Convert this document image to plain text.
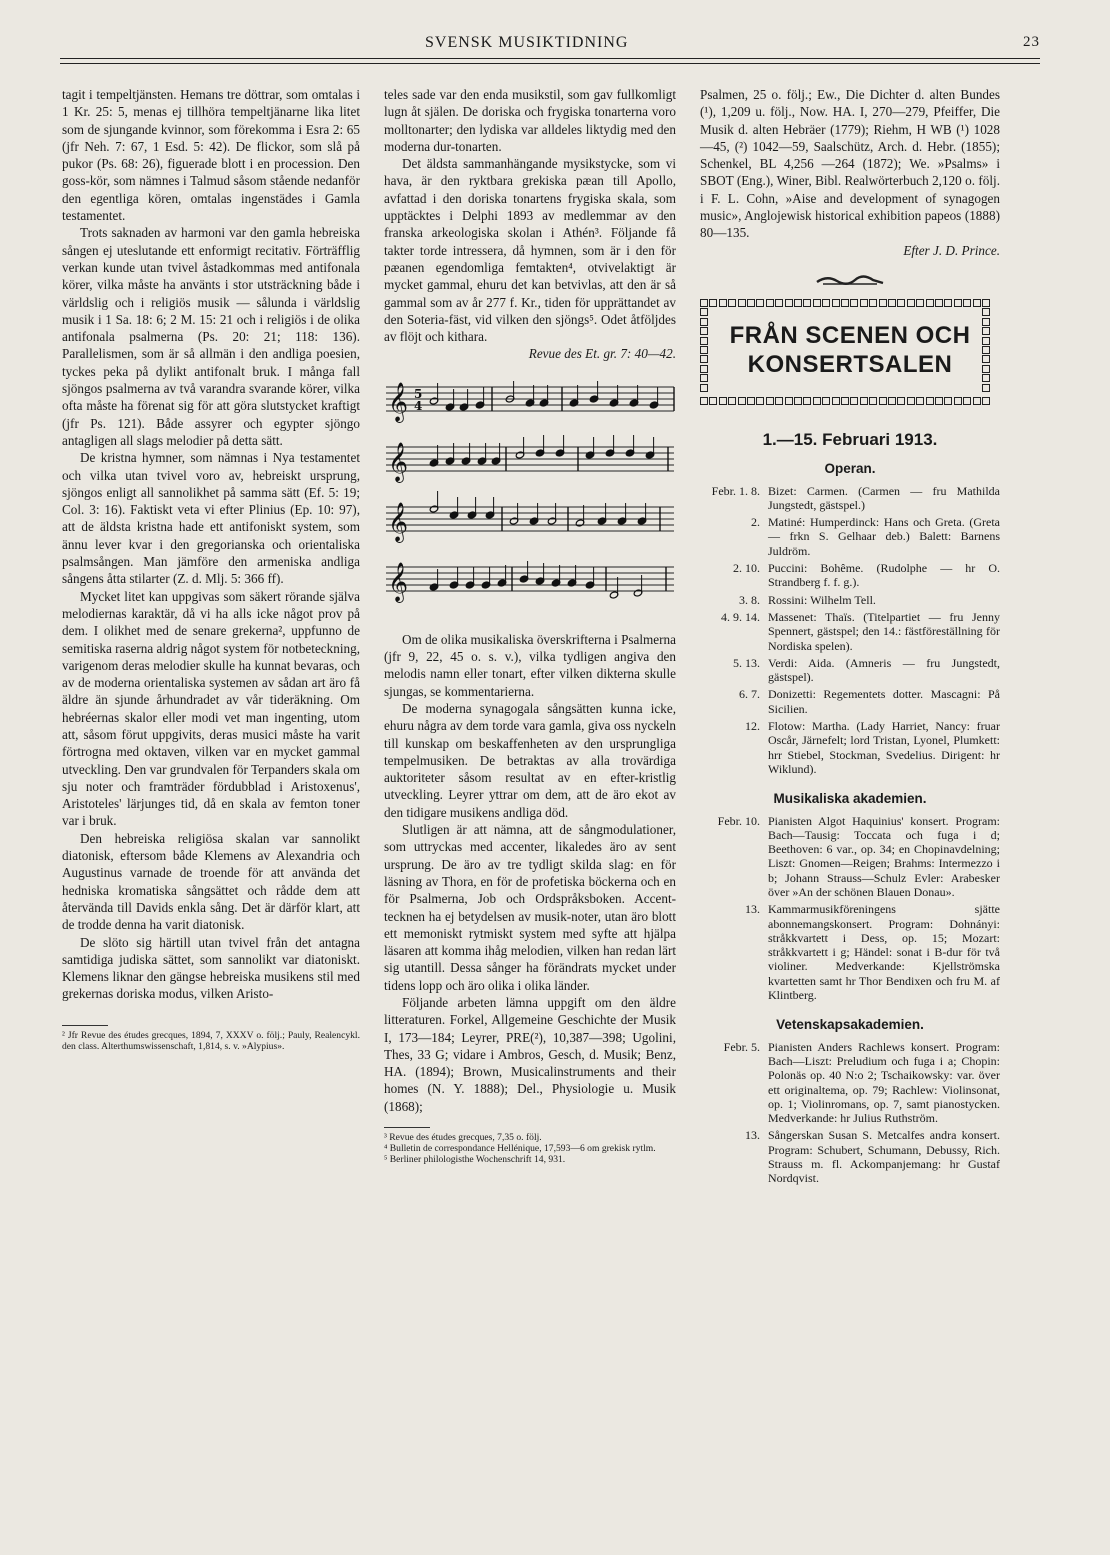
SVENSK MUSIKTIDNING	23

tagit i tempeltjänsten. Hemans tre döttrar, som omtalas i 1 Kr. 25: 5, menas ej tillhöra tempeltjänarne lika litet som de sjungande kvinnor, som förekomma i Esra 2: 65 (jfr Neh. 7: 67, 1 Esd. 5: 42). De flickor, som slå på pukor (Ps. 68: 26), figuerade blott i en procession. Den goss-kör, som nämnes i Talmud såsom stående nedanför den egentliga kören, omtalas ingenstädes i Gamla testamentet.

Trots saknaden av harmoni var den gamla hebreiska sången ej uteslutande ett enformigt recitativ. Förträfflig verkan kunde utan tvivel åstadkommas med antifonala körer, vilka måste ha använts i stor utsträckning både i världslig och i religiös musik — sålunda i världslig musik i 1 Sa. 18: 6; 2 M. 15: 21 och i religiös i de olika antifonala psalmerna (Ps. 20: 21; 118: 136). Parallelismen, som är så allmän i den andliga poesien, tyckes peka på dylikt antifonalt bruk. I många fall sjöngos psalmerna av två varandra svarande körer, vilka ofta måste ha förenat sig för att göra slutstycket kraftigt (jfr Ps. 121). Både assyrer och egypter sjöngo antagligen all slags melodier på detta sätt.

De kristna hymner, som nämnas i Nya testamentet och vilka utan tvivel voro av, hebreiskt ursprung, sjöngos enligt all sannolikhet på samma sätt (Ef. 5: 19; Col. 3: 16). Faktiskt veta vi efter Plinius (Ep. 10: 97), att de äldsta kristna hade ett antifoniskt system, som ännu lever kvar i den gregorianska och orientaliska psalmsången. Man jämföre den armeniska andliga sångens åtta stilarter (Z. d. Mlj. 5: 366 ff).

Mycket litet kan uppgivas som säkert rörande själva melodiernas karaktär, då vi ha alls icke något prov på dem. I olikhet med de senare grekerna², uppfunno de semitiska raserna aldrig något system för notbeteckning, varigenom deras melodier skulle ha kunnat bevaras, och av de moderna orientaliska systemen av sådan art äro få äldre än sjunde århundradet av vår tideräkning. Om hebréernas skalor eller modi vet man ingenting, utom att, såsom förut uppgivits, deras musici måste ha varit förtrogna med oktaven, vilken var en mycket gammal utveckling. Den var grundvalen för Terpanders skala om sju noter och framträder fördubblad i Aristoxenus', Aristoteles' lärjunges tid, då en skala av femton toner var i bruk.

Den hebreiska religiösa skalan var sannolikt diatonisk, eftersom både Klemens av Alexandria och Augustinus varnade de troende för att använda det hedniska kromatiska sångsättet och rådde dem att återvända till Davids enkla sång. Det är därför klart, att de trodde denna ha varit diatonisk.

De slöto sig härtill utan tvivel från det antagna samtidiga judiska sättet, som sannolikt var diatoniskt. Klemens liknar den gängse hebreiska musikens stil med grekernas doriska modus, vilken Aristo-

² Jfr Revue des études grecques, 1894, 7, XXXV o. följ.; Pauly, Realencykl. den class. Alterthumswissenschaft, 1,814, s. v. »Alypius».

teles sade var den enda musikstil, som gav fullkomligt lugn åt själen. De doriska och frygiska tonarterna voro molltonarter; den lydiska var alldeles liktydig med den moderna dur-tonarten.

Det äldsta sammanhängande mysikstycke, som vi hava, är den ryktbara grekiska pæan till Apollo, avfattad i den doriska tonartens frygiska skala, som upptäcktes i Delphi 1893 av medlemmar av den franska arkeologiska skolan i Athén³. Följande få takter torde intressera, då hymnen, som är i den för pæanen egendomliga femtakten⁴, otvivelaktigt är mycket gammal, ehuru det kan betvivlas, att den är så gammal som av år 277 f. Kr., tiden för upprättandet av den Soteria-fäst, vid vilken den sjöngs⁵. Odet åtföljdes av flöjt och kithara.

Revue des Et. gr. 7: 40—42.

𝄞 5
4
𝄞
𝄞
𝄞

Om de olika musikaliska överskrifterna i Psalmerna (jfr 9, 22, 45 o. s. v.), vilka tydligen angiva den melodis namn eller tonart, efter vilken dikterna skulle sjungas, se kommentarierna.

De moderna synagogala sångsätten kunna icke, ehuru några av dem torde vara gamla, giva oss nyckeln till kunskap om beskaffenheten av den ursprungliga tempelmusiken. De betraktas av alla trovärdiga auktoriteter såsom resultat av en efter-kristlig utveckling. Leyrer yttrar om dem, att de äro ekot av den tidigare musikens andliga död.

Slutligen är att nämna, att de sångmodulationer, som uttryckas med accenter, likaledes äro av sent ursprung. De äro av tre tydligt skilda slag: en för läsning av Thora, en för de profetiska böckerna och en för Psalmerna, Job och Ordspråksboken. Accent-tecknen ha ej betydelsen av musik-noter, utan äro blott ett memoniskt rytmiskt system med syfte att hjälpa läsaren att komma ihåg melodien, vilken han redan lärt sig utantill. Dessa sånger ha förändrats mycket under tidens lopp och äro olika i olika länder.

Följande arbeten lämna uppgift om den äldre litteraturen. Forkel, Allgemeine Geschichte der Musik I, 173—184; Leyrer, PRE(²), 10,387—398; Ugolini, Thes, 33 G; vidare i Ambros, Gesch, d. Musik; Benz, HA. (1894); Brown, Musicalinstruments and their homes (N. Y. 1888); Del., Physiologie u. Musik (1868);

³ Revue des études grecques, 7,35 o. följ.

⁴ Bulletin de correspondance Hellénique, 17,593—6 om grekisk rytlm.

⁵ Berliner philologisthe Wochenschrift 14, 931.

Psalmen, 25 o. följ.; Ew., Die Dichter d. alten Bundes (¹), 1,209 u. följ., Now. HA. I, 270—279, Pfeiffer, Die Musik d. alten Hebräer (1779); Riehm, H WB (¹) 1028—45, (²) 1042—59, Saalschütz, Arch. d. Hebr. (1855); Schenkel, BL 4,256 —264 (1872); We. »Psalms» i SBOT (Eng.), Winer, Bibl. Realwörterbuch 2,120 o. följ. i F. L. Cohn, »Aise and development of synagogen music», Anglojewisk historical exhibition papeos (1888) 80—135.

Efter J. D. Prince.

FRÅN SCENEN OCH
KONSERTSALEN
1.—15. Februari 1913.
Operan.
Febr. 1. 8. Bizet: Carmen. (Carmen — fru Mathilda Jungstedt, gästspel.)
2. Matiné: Humperdinck: Hans och Greta. (Greta — frkn S. Gelhaar deb.) Balett: Barnens Juldröm.
2. 10. Puccini: Bohême. (Rudolphe — hr O. Strandberg f. f. g.).
3. 8. Rossini: Wilhelm Tell.
4. 9. 14. Massenet: Thaïs. (Titelpartiet — fru Jenny Spennert, gästspel; den 14.: fästföreställning för Nordiska spelen).
5. 13. Verdi: Aida. (Amneris — fru Jungstedt, gästspel).
6. 7. Donizetti: Regementets dotter. Mascagni: På Sicilien.
12. Flotow: Martha. (Lady Harriet, Nancy: fruar Oscår, Järnefelt; lord Tristan, Lyonel, Plumkett: hrr Stiebel, Stockman, Svedelius. Dirigent: hr Wiklund).
Musikaliska akademien.
Febr. 10. Pianisten Algot Haquinius' konsert. Program: Bach—Tausig: Toccata och fuga i d; Beethoven: 6 var., op. 34; en Chopinavdelning; Liszt: Gnomen—Reigen; Brahms: Intermezzo i b; Johann Strauss—Schulz Evler: Arabesker över »An der schönen Blauen Donau».
13. Kammarmusikföreningens sjätte abonnemangskonsert. Program: Dohnányi: stråkkvartett i Dess, op. 15; Mozart: stråkkvartett i g; Händel: sonat i B-dur för två violiner. Medverkande: Kjellströmska kvartetten samt hr Thor Bendixen och fru M. af Klintberg.
Vetenskapsakademien.
Febr. 5. Pianisten Anders Rachlews konsert. Program: Bach—Liszt: Preludium och fuga i a; Chopin: Polonäs op. 40 N:o 2; Tschaikowsky: var. över ett originaltema, op. 79; Rachlew: Violinsonat, op. 1; Violinromans, op. 7, samt pianostycken. Medverkande: hr Julius Ruthström.
13. Sångerskan Susan S. Metcalfes andra konsert. Program: Schubert, Schumann, Debussy, Rich. Strauss m. fl. Ackompanjemang: hr Gustaf Nordqvist.
